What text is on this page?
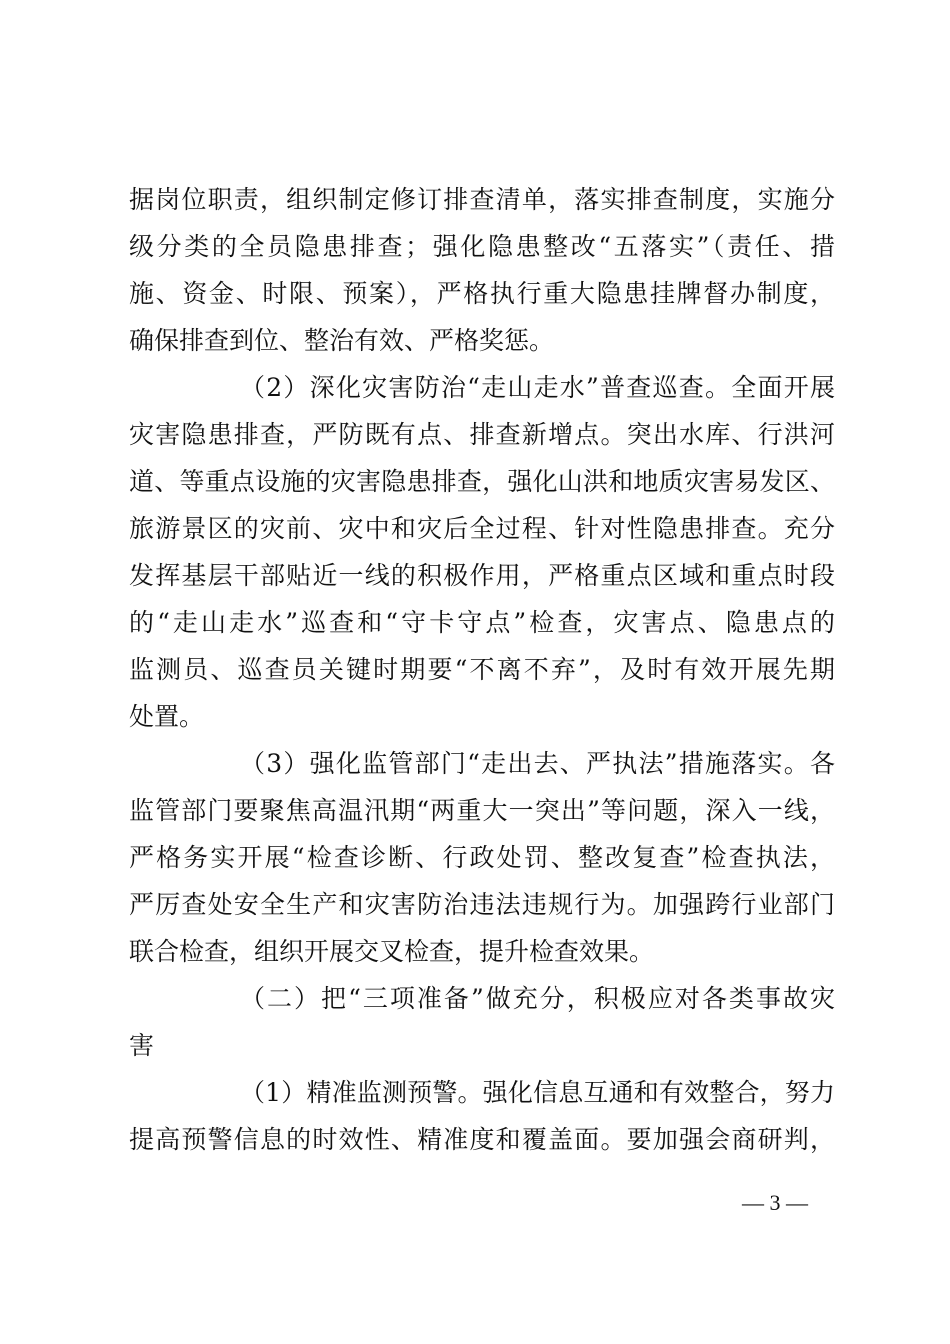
据岗位职责，组织制定修订排查清单，落实排查制度，实施分
级分类的全员隐患排查；强化隐患整改“五落实”（责任、措
施、资金、时限、预案），严格执行重大隐患挂牌督办制度，
确保排查到位、整治有效、严格奖惩。
（2）深化灾害防治“走山走水”普查巡查。全面开展
灾害隐患排查，严防既有点、排查新增点。突出水库、行洪河
道、等重点设施的灾害隐患排查，强化山洪和地质灾害易发区、
旅游景区的灾前、灾中和灾后全过程、针对性隐患排查。充分
发挥基层干部贴近一线的积极作用，严格重点区域和重点时段
的“走山走水”巡查和“守卡守点”检查，灾害点、隐患点的
监测员、巡查员关键时期要“不离不弃”，及时有效开展先期
处置。
（3）强化监管部门“走出去、严执法”措施落实。各
监管部门要聚焦高温汛期“两重大一突出”等问题，深入一线，
严格务实开展“检查诊断、行政处罚、整改复查”检查执法，
严厉查处安全生产和灾害防治违法违规行为。加强跨行业部门
联合检查，组织开展交叉检查，提升检查效果。
（二）把“三项准备”做充分，积极应对各类事故灾
害
（1）精准监测预警。强化信息互通和有效整合，努力
提高预警信息的时效性、精准度和覆盖面。要加强会商研判，
— 3 —
